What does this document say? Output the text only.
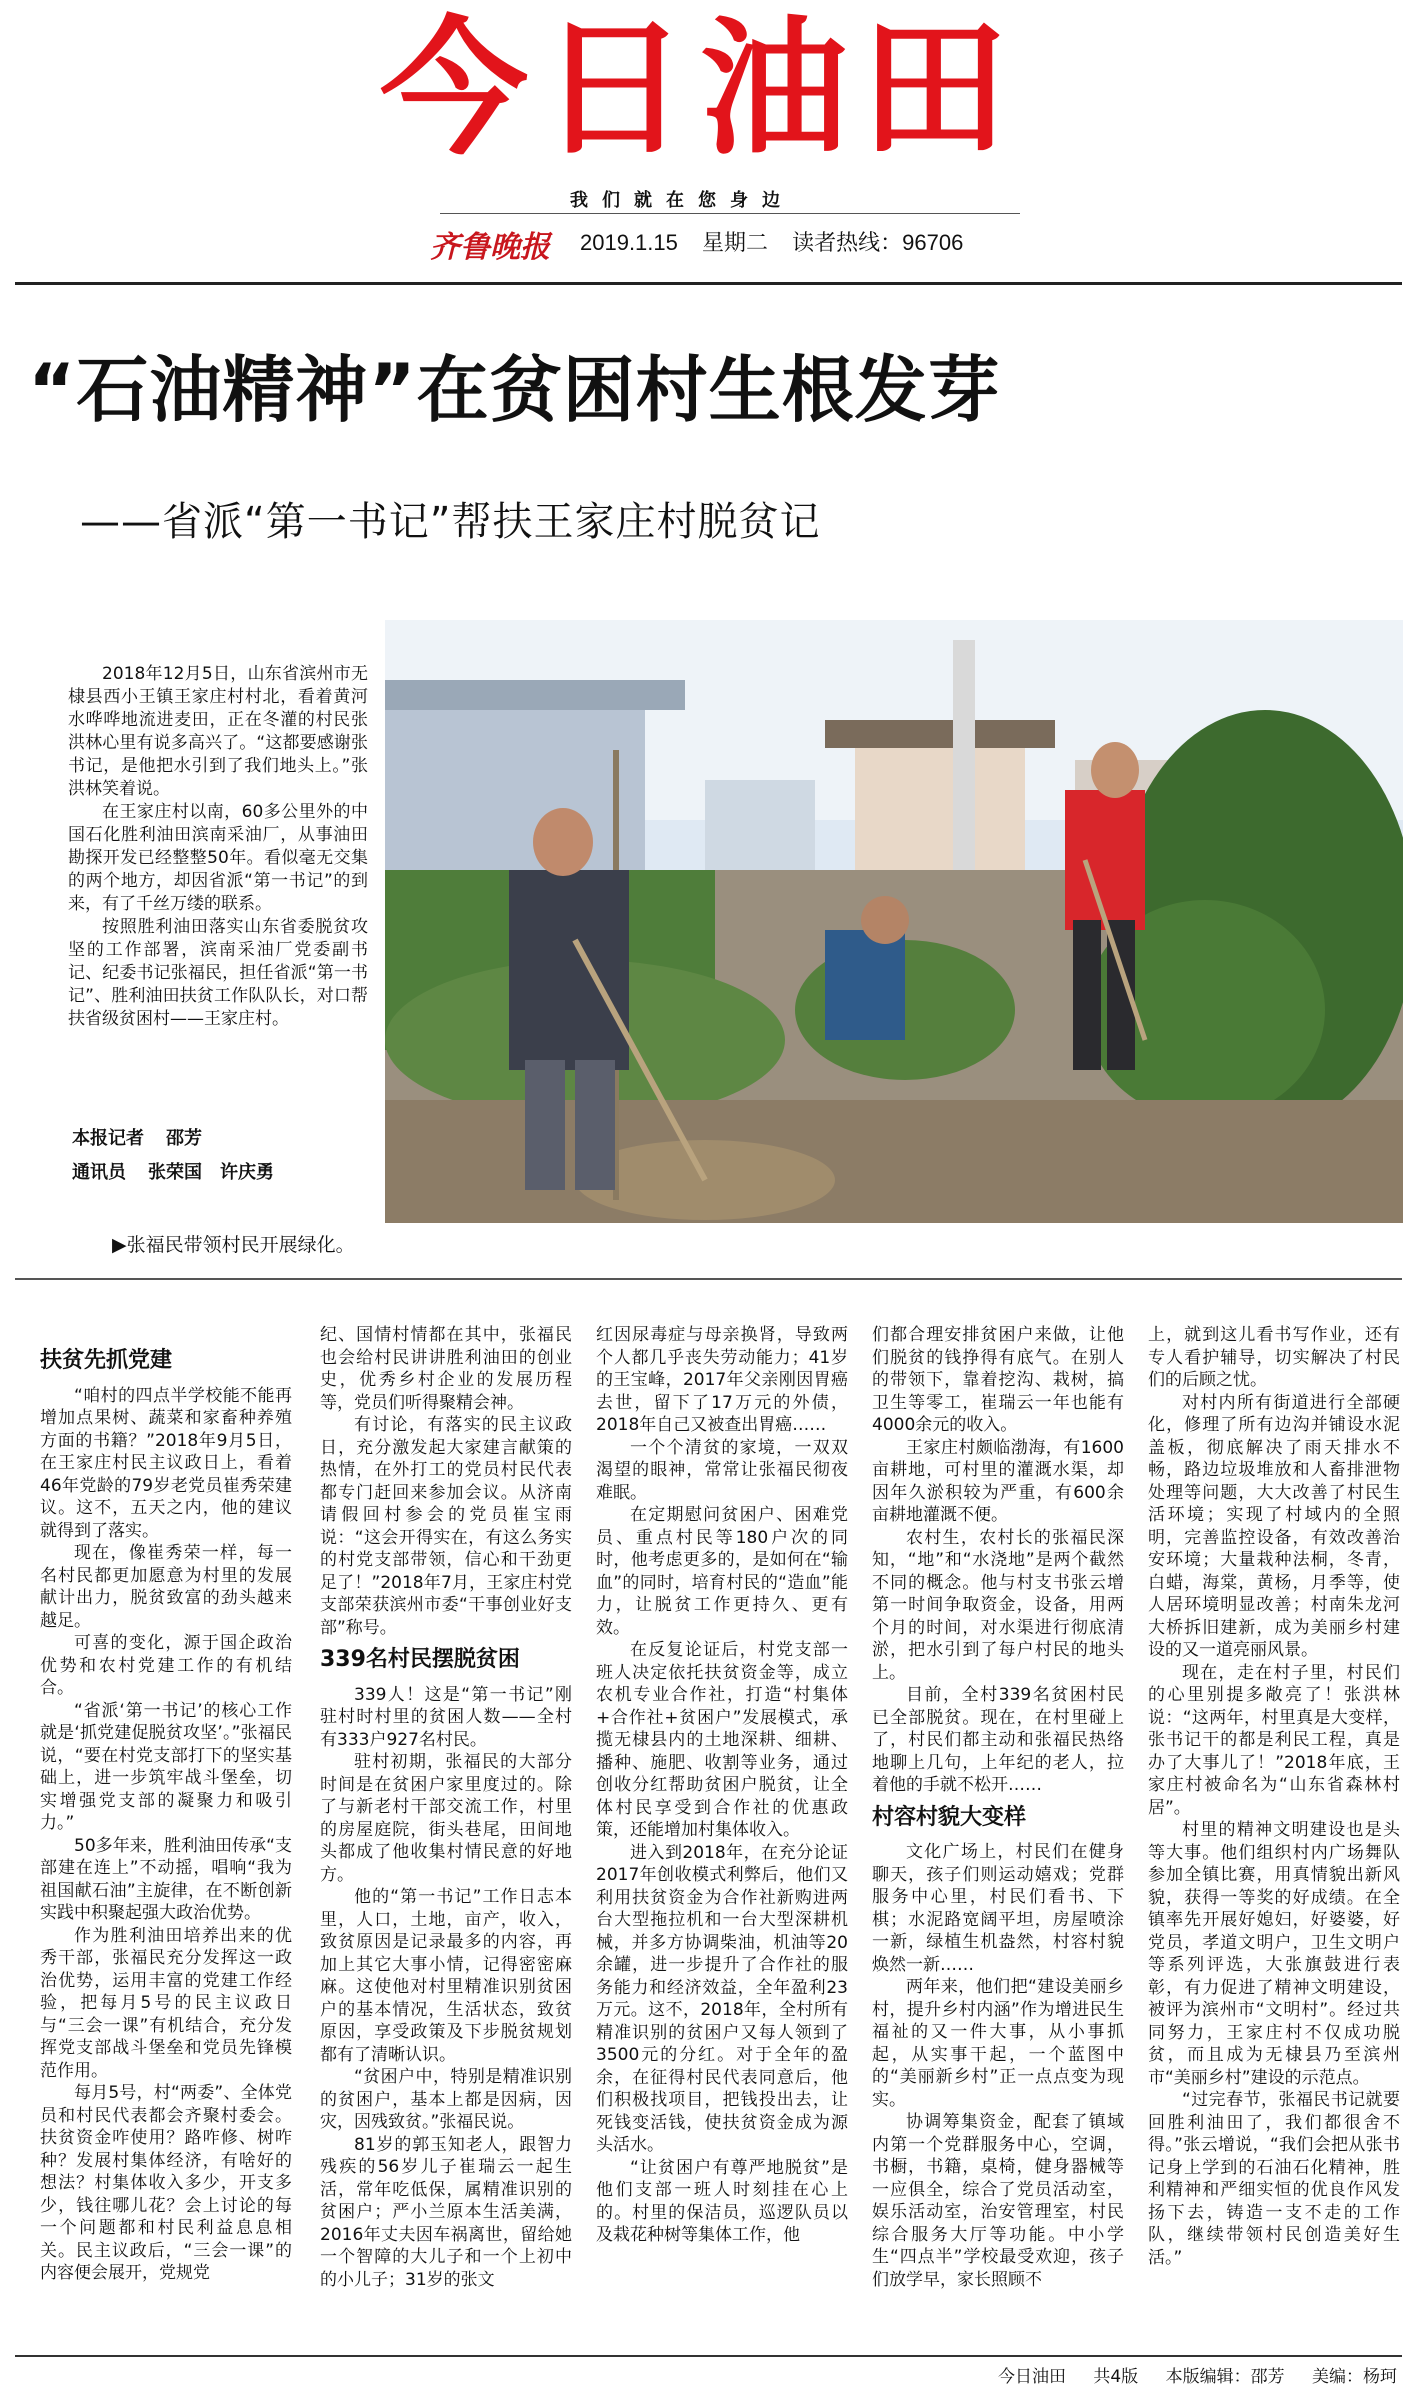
今日油田
我们就在您身边
齐鲁晚报 2019.1.15 星期二 读者热线：96706
“石油精神”在贫困村生根发芽
——省派“第一书记”帮扶王家庄村脱贫记

2018年12月5日，山东省滨州市无棣县西小王镇王家庄村村北，看着黄河水哗哗地流进麦田，正在冬灌的村民张洪林心里有说多高兴了。“这都要感谢张书记，是他把水引到了我们地头上。”张洪林笑着说。

在王家庄村以南，60多公里外的中国石化胜利油田滨南采油厂，从事油田勘探开发已经整整50年。看似毫无交集的两个地方，却因省派“第一书记”的到来，有了千丝万缕的联系。

按照胜利油田落实山东省委脱贫攻坚的工作部署，滨南采油厂党委副书记、纪委书记张福民，担任省派“第一书记”、胜利油田扶贫工作队队长，对口帮扶省级贫困村——王家庄村。

本报记者 邵芳
通讯员 张荣国　许庆勇
▶张福民带领村民开展绿化。
扶贫先抓党建

“咱村的四点半学校能不能再增加点果树、蔬菜和家畜种养殖方面的书籍？”2018年9月5日，在王家庄村民主议政日上，看着46年党龄的79岁老党员崔秀荣建议。这不，五天之内，他的建议就得到了落实。

现在，像崔秀荣一样，每一名村民都更加愿意为村里的发展献计出力，脱贫致富的劲头越来越足。

可喜的变化，源于国企政治优势和农村党建工作的有机结合。

“省派‘第一书记’的核心工作就是‘抓党建促脱贫攻坚’。”张福民说，“要在村党支部打下的坚实基础上，进一步筑牢战斗堡垒，切实增强党支部的凝聚力和吸引力。”

50多年来，胜利油田传承“支部建在连上”不动摇，唱响“我为祖国献石油”主旋律，在不断创新实践中积聚起强大政治优势。

作为胜利油田培养出来的优秀干部，张福民充分发挥这一政治优势，运用丰富的党建工作经验，把每月5号的民主议政日与“三会一课”有机结合，充分发挥党支部战斗堡垒和党员先锋模范作用。

每月5号，村“两委”、全体党员和村民代表都会齐聚村委会。扶贫资金咋使用？路咋修、树咋种？发展村集体经济，有啥好的想法？村集体收入多少，开支多少，钱往哪儿花？会上讨论的每一个问题都和村民利益息息相关。民主议政后，“三会一课”的内容便会展开，党规党

纪、国情村情都在其中，张福民也会给村民讲讲胜利油田的创业史，优秀乡村企业的发展历程等，党员们听得聚精会神。

有讨论，有落实的民主议政日，充分激发起大家建言献策的热情，在外打工的党员村民代表都专门赶回来参加会议。从济南请假回村参会的党员崔宝雨说：“这会开得实在，有这么务实的村党支部带领，信心和干劲更足了！”2018年7月，王家庄村党支部荣获滨州市委“干事创业好支部”称号。

339名村民摆脱贫困

339人！这是“第一书记”刚驻村时村里的贫困人数——全村有333户927名村民。

驻村初期，张福民的大部分时间是在贫困户家里度过的。除了与新老村干部交流工作，村里的房屋庭院，街头巷尾，田间地头都成了他收集村情民意的好地方。

他的“第一书记”工作日志本里，人口，土地，亩产，收入，致贫原因是记录最多的内容，再加上其它大事小情，记得密密麻麻。这使他对村里精准识别贫困户的基本情况，生活状态，致贫原因，享受政策及下步脱贫规划都有了清晰认识。

“贫困户中，特别是精准识别的贫困户，基本上都是因病，因灾，因残致贫。”张福民说。

81岁的郭玉知老人，跟智力残疾的56岁儿子崔瑞云一起生活，常年吃低保，属精准识别的贫困户；严小兰原本生活美满，2016年丈夫因车祸离世，留给她一个智障的大儿子和一个上初中的小儿子；31岁的张文

红因尿毒症与母亲换肾，导致两个人都几乎丧失劳动能力；41岁的王宝峰，2017年父亲刚因胃癌去世，留下了17万元的外债，2018年自己又被查出胃癌……

一个个清贫的家境，一双双渴望的眼神，常常让张福民彻夜难眠。

在定期慰问贫困户、困难党员、重点村民等180户次的同时，他考虑更多的，是如何在“输血”的同时，培育村民的“造血”能力，让脱贫工作更持久、更有效。

在反复论证后，村党支部一班人决定依托扶贫资金等，成立农机专业合作社，打造“村集体+合作社+贫困户”发展模式，承揽无棣县内的土地深耕、细耕、播种、施肥、收割等业务，通过创收分红帮助贫困户脱贫，让全体村民享受到合作社的优惠政策，还能增加村集体收入。

进入到2018年，在充分论证2017年创收模式利弊后，他们又利用扶贫资金为合作社新购进两台大型拖拉机和一台大型深耕机械，并多方协调柴油，机油等20余罐，进一步提升了合作社的服务能力和经济效益，全年盈利23万元。这不，2018年，全村所有精准识别的贫困户又每人领到了3500元的分红。对于全年的盈余，在征得村民代表同意后，他们积极找项目，把钱投出去，让死钱变活钱，使扶贫资金成为源头活水。

“让贫困户有尊严地脱贫”是他们支部一班人时刻挂在心上的。村里的保洁员，巡逻队员以及栽花种树等集体工作，他

们都合理安排贫困户来做，让他们脱贫的钱挣得有底气。在别人的带领下，靠着挖沟、栽树，搞卫生等零工，崔瑞云一年也能有4000余元的收入。

王家庄村颇临渤海，有1600亩耕地，可村里的灌溉水渠，却因年久淤积较为严重，有600余亩耕地灌溉不便。

农村生，农村长的张福民深知，“地”和“水浇地”是两个截然不同的概念。他与村支书张云增第一时间争取资金，设备，用两个月的时间，对水渠进行彻底清淤，把水引到了每户村民的地头上。

目前，全村339名贫困村民已全部脱贫。现在，在村里碰上了，村民们都主动和张福民热络地聊上几句，上年纪的老人，拉着他的手就不松开……

村容村貌大变样

文化广场上，村民们在健身聊天，孩子们则运动嬉戏；党群服务中心里，村民们看书、下棋；水泥路宽阔平坦，房屋喷涂一新，绿植生机盎然，村容村貌焕然一新……

两年来，他们把“建设美丽乡村，提升乡村内涵”作为增进民生福祉的又一件大事，从小事抓起，从实事干起，一个蓝图中的“美丽新乡村”正一点点变为现实。

协调筹集资金，配套了镇域内第一个党群服务中心，空调，书橱，书籍，桌椅，健身器械等一应俱全，综合了党员活动室，娱乐活动室，治安管理室，村民综合服务大厅等功能。中小学生“四点半”学校最受欢迎，孩子们放学早，家长照顾不

上，就到这儿看书写作业，还有专人看护辅导，切实解决了村民们的后顾之忧。

对村内所有街道进行全部硬化，修理了所有边沟并铺设水泥盖板，彻底解决了雨天排水不畅，路边垃圾堆放和人畜排泄物处理等问题，大大改善了村民生活环境；实现了村域内的全照明，完善监控设备，有效改善治安环境；大量栽种法桐，冬青，白蜡，海棠，黄杨，月季等，使人居环境明显改善；村南朱龙河大桥拆旧建新，成为美丽乡村建设的又一道亮丽风景。

现在，走在村子里，村民们的心里别提多敞亮了！张洪林说：“这两年，村里真是大变样，张书记干的都是利民工程，真是办了大事儿了！”2018年底，王家庄村被命名为“山东省森林村居”。

村里的精神文明建设也是头等大事。他们组织村内广场舞队参加全镇比赛，用真情貌出新风貌，获得一等奖的好成绩。在全镇率先开展好媳妇，好婆婆，好党员，孝道文明户，卫生文明户等系列评选，大张旗鼓进行表彰，有力促进了精神文明建设，被评为滨州市“文明村”。经过共同努力，王家庄村不仅成功脱贫，而且成为无棣县乃至滨州市“美丽乡村”建设的示范点。

“过完春节，张福民书记就要回胜利油田了，我们都很舍不得。”张云增说，“我们会把从张书记身上学到的石油石化精神，胜利精神和严细实恒的优良作风发扬下去，铸造一支不走的工作队，继续带领村民创造美好生活。”

今日油田 共4版 本版编辑：邵芳 美编：杨珂
